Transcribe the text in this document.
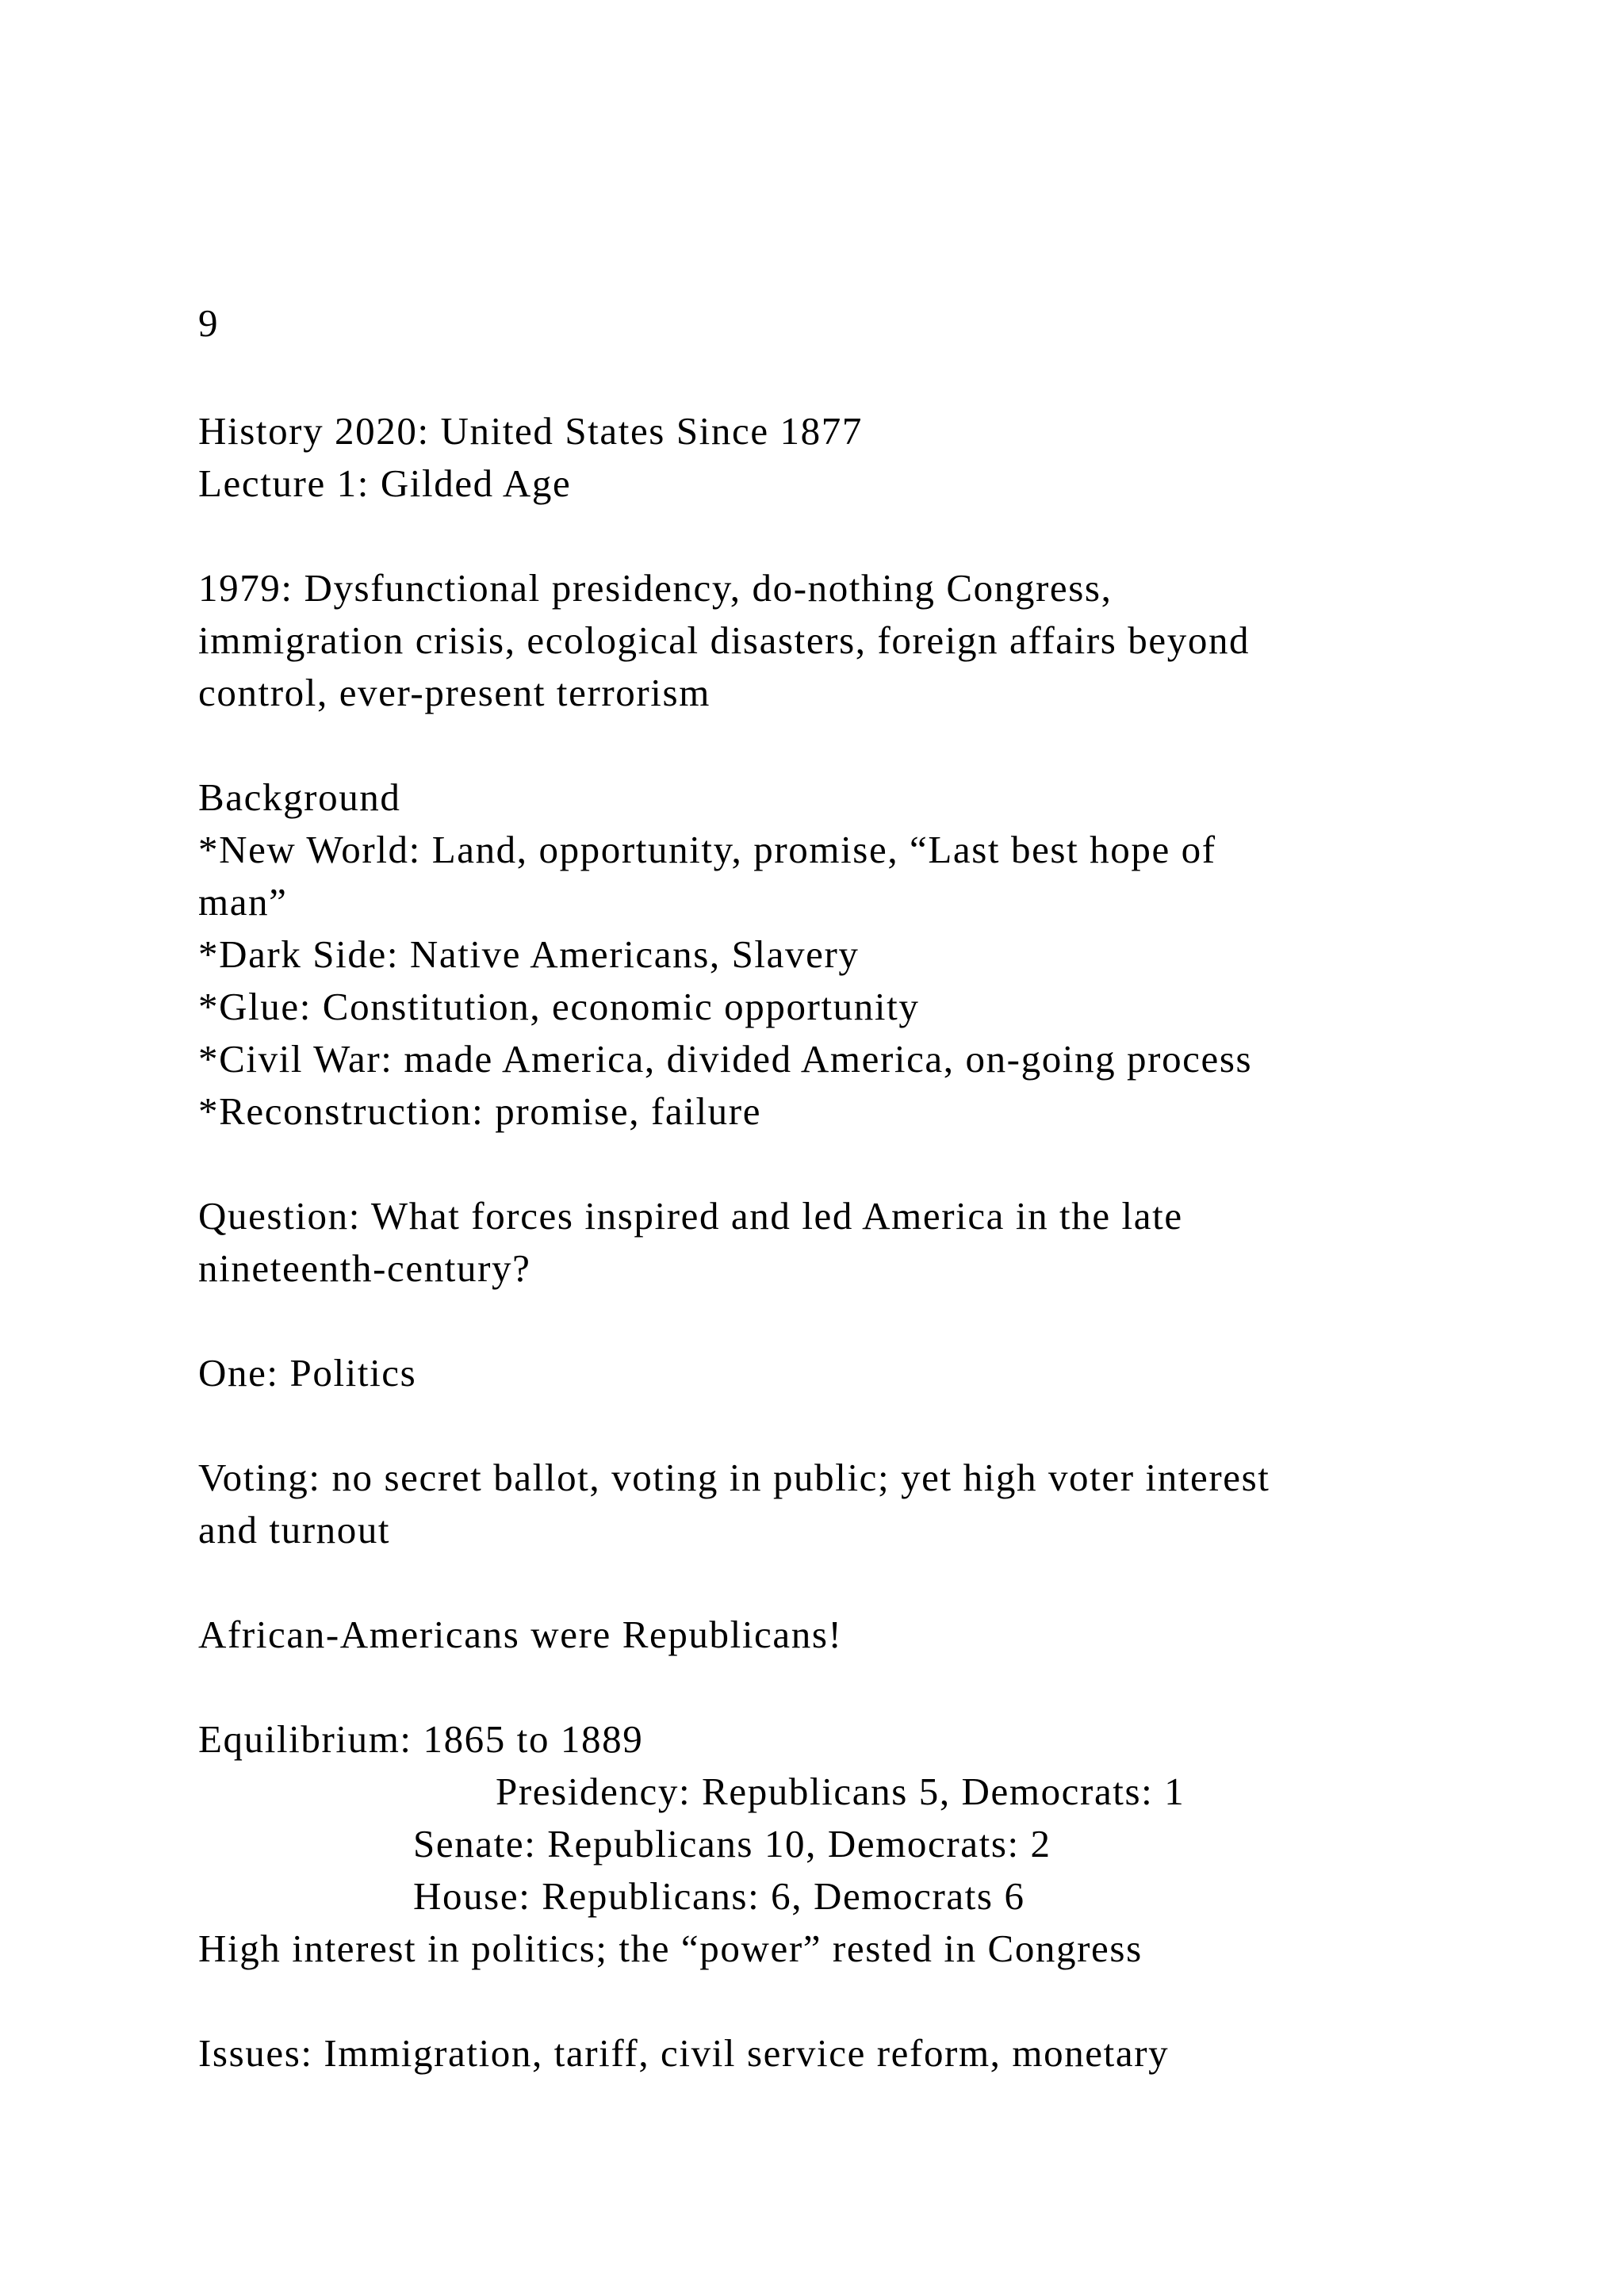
9

History 2020: United States Since 1877

Lecture 1: Gilded Age

1979: Dysfunctional presidency, do-nothing Congress,

immigration crisis, ecological disasters, foreign affairs beyond

control, ever-present terrorism

Background

*New World: Land, opportunity, promise, “Last best hope of

man”

*Dark Side: Native Americans, Slavery

*Glue: Constitution, economic opportunity

*Civil War: made America, divided America, on-going process

*Reconstruction: promise, failure

Question: What forces inspired and led America in the late

nineteenth-century?

One: Politics

Voting: no secret ballot, voting in public; yet high voter interest

and turnout

African-Americans were Republicans!

Equilibrium: 1865 to 1889

Presidency: Republicans 5, Democrats: 1

Senate: Republicans 10, Democrats: 2

House: Republicans: 6, Democrats 6

High interest in politics; the “power” rested in Congress

Issues: Immigration, tariff, civil service reform, monetary
